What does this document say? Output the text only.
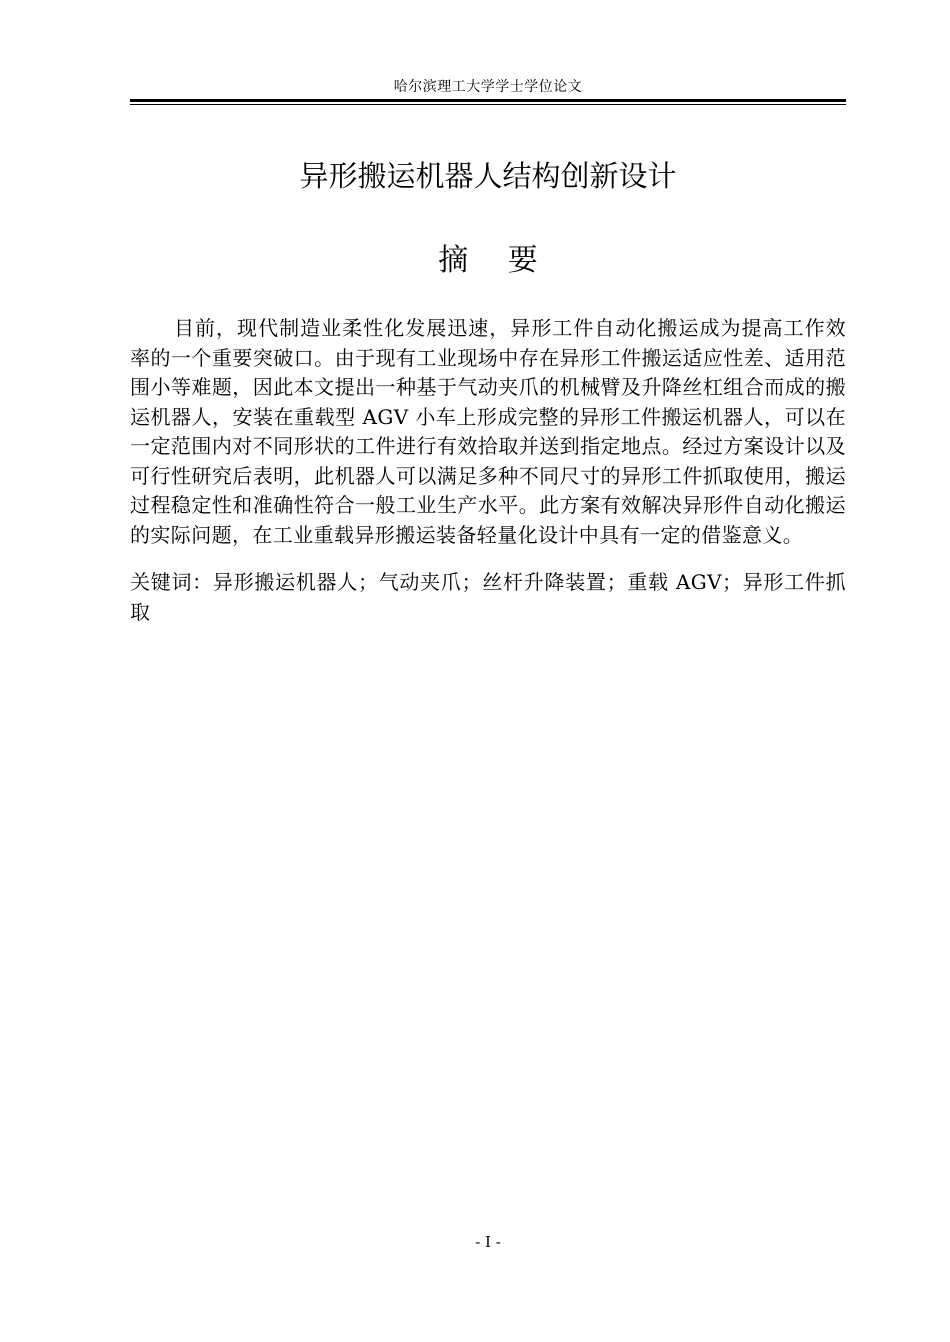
哈尔滨理工大学学士学位论文
异形搬运机器人结构创新设计
摘 要

目前，现代制造业柔性化发展迅速，异形工件自动化搬运成为提高工作效率的一个重要突破口。由于现有工业现场中存在异形工件搬运适应性差、适用范围小等难题，因此本文提出一种基于气动夹爪的机械臂及升降丝杠组合而成的搬运机器人，安装在重载型 AGV 小车上形成完整的异形工件搬运机器人，可以在一定范围内对不同形状的工件进行有效拾取并送到指定地点。经过方案设计以及可行性研究后表明，此机器人可以满足多种不同尺寸的异形工件抓取使用，搬运过程稳定性和准确性符合一般工业生产水平。此方案有效解决异形件自动化搬运的实际问题，在工业重载异形搬运装备轻量化设计中具有一定的借鉴意义。

关键词：异形搬运机器人；气动夹爪；丝杆升降装置；重载 AGV；异形工件抓取

- I -
